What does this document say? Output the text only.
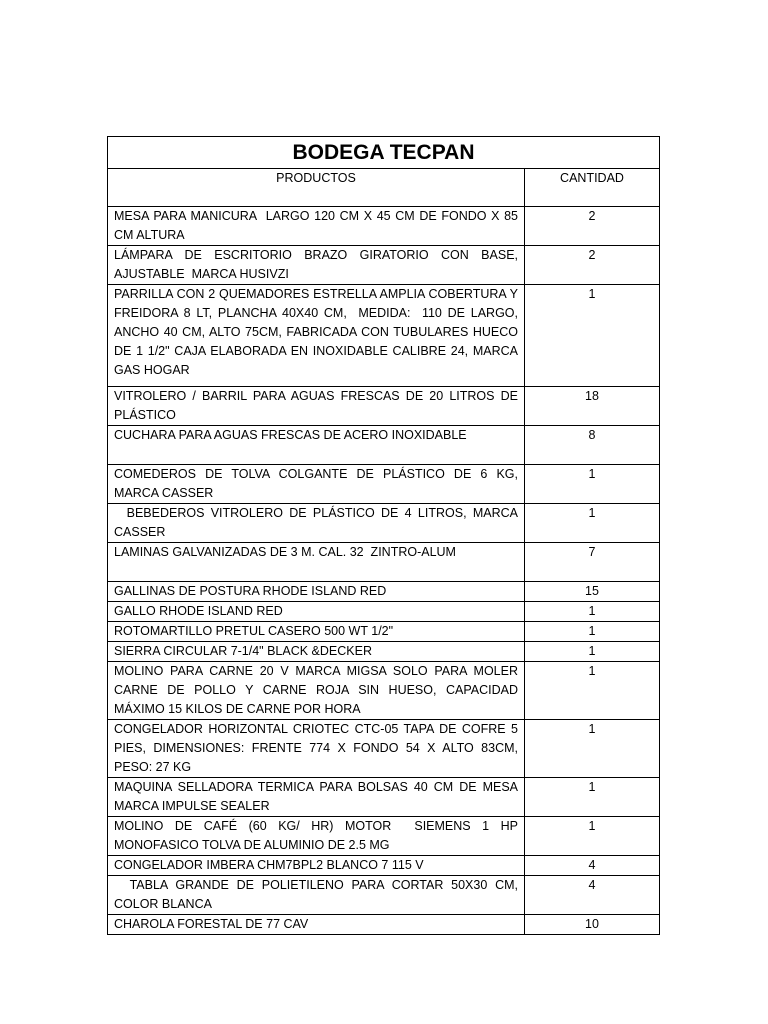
BODEGA TECPAN	
PRODUCTOS	CANTIDAD
MESA PARA MANICURA  LARGO 120 CM X 45 CM DE FONDO X 85 CM ALTURA	2
LÁMPARA DE ESCRITORIO BRAZO GIRATORIO CON BASE, AJUSTABLE  MARCA HUSIVZI	2
PARRILLA CON 2 QUEMADORES ESTRELLA AMPLIA COBERTURA Y FREIDORA 8 LT, PLANCHA 40X40 CM,  MEDIDA:  110 DE LARGO, ANCHO 40 CM, ALTO 75CM, FABRICADA CON TUBULARES HUECO DE 1 1/2" CAJA ELABORADA EN INOXIDABLE CALIBRE 24, MARCA GAS HOGAR	1
VITROLERO / BARRIL PARA AGUAS FRESCAS DE 20 LITROS DE PLÁSTICO	18
CUCHARA PARA AGUAS FRESCAS DE ACERO INOXIDABLE	8
COMEDEROS DE TOLVA COLGANTE DE PLÁSTICO DE 6 KG, MARCA CASSER	1
BEBEDEROS VITROLERO DE PLÁSTICO DE 4 LITROS, MARCA CASSER	1
LAMINAS GALVANIZADAS DE 3 M. CAL. 32  ZINTRO-ALUM	7
GALLINAS DE POSTURA RHODE ISLAND RED	15
GALLO RHODE ISLAND RED	1
ROTOMARTILLO PRETUL CASERO 500 WT 1/2"	1
SIERRA CIRCULAR 7-1/4" BLACK &DECKER	1
MOLINO PARA CARNE 20 V MARCA MIGSA SOLO PARA MOLER CARNE DE POLLO Y CARNE ROJA SIN HUESO, CAPACIDAD MÁXIMO 15 KILOS DE CARNE POR HORA	1
CONGELADOR HORIZONTAL CRIOTEC CTC-05 TAPA DE COFRE 5 PIES, DIMENSIONES: FRENTE 774 X FONDO 54 X ALTO 83CM, PESO: 27 KG	1
MAQUINA SELLADORA TERMICA PARA BOLSAS 40 CM DE MESA MARCA IMPULSE SEALER	1
MOLINO DE CAFÉ (60 KG/ HR) MOTOR  SIEMENS 1 HP MONOFASICO TOLVA DE ALUMINIO DE 2.5 MG	1
CONGELADOR IMBERA CHM7BPL2 BLANCO 7 115 V	4
TABLA GRANDE DE POLIETILENO PARA CORTAR 50X30 CM, COLOR BLANCA	4
CHAROLA FORESTAL DE 77 CAV	10
